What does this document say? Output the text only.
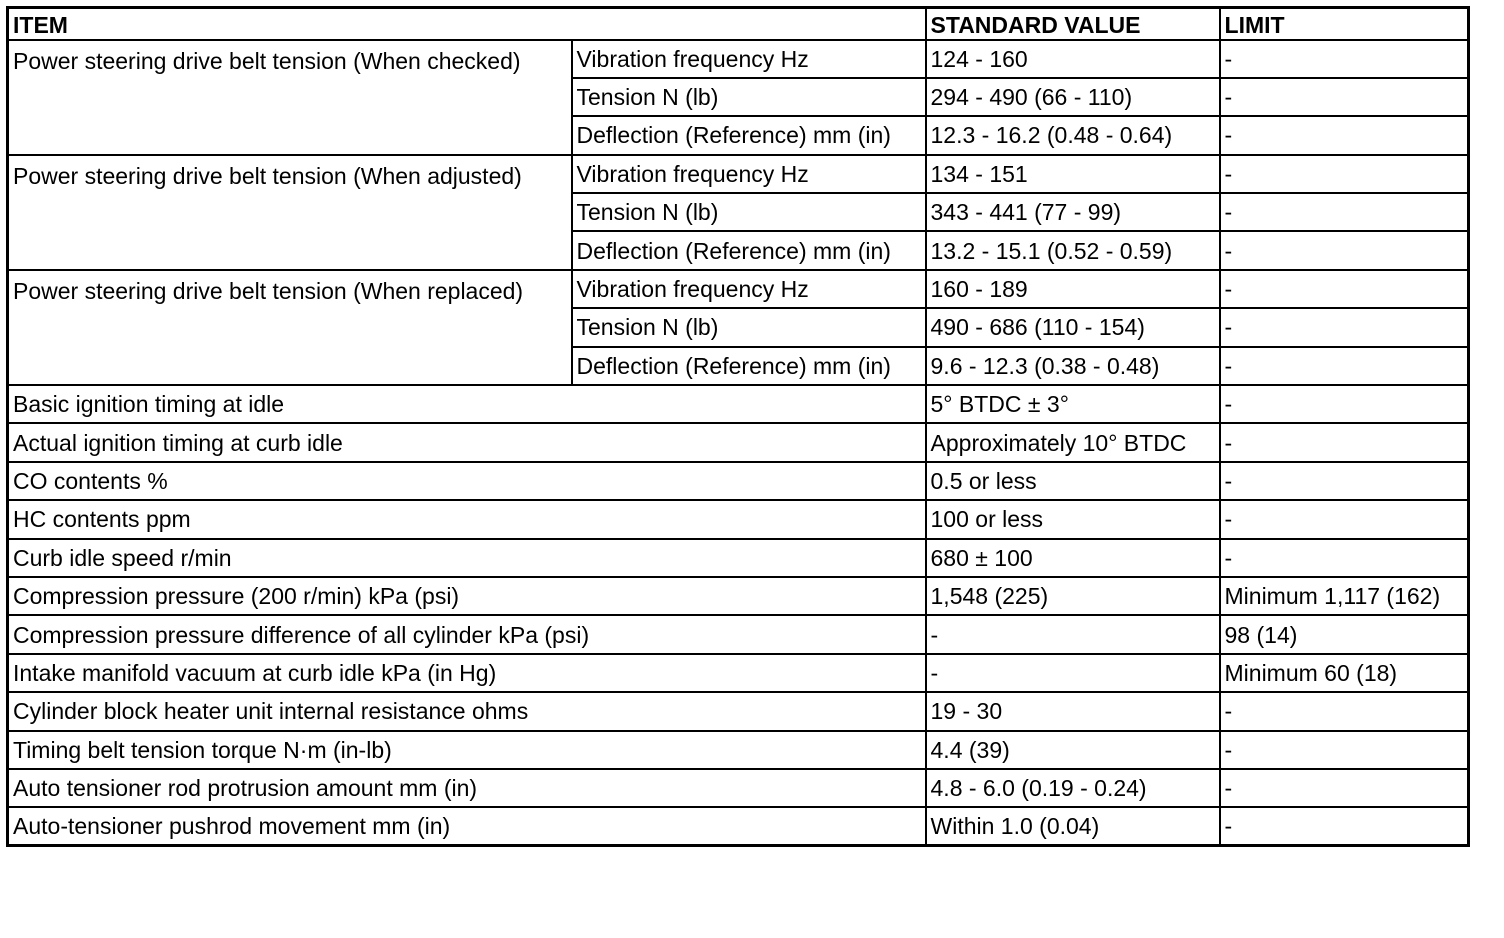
ITEM		STANDARD VALUE	LIMIT
Power steering drive belt tension (When checked)	Vibration frequency Hz	124 - 160	-
	Tension N (lb)	294 - 490 (66 - 110)	-
	Deflection (Reference) mm (in)	12.3 - 16.2 (0.48 - 0.64)	-
Power steering drive belt tension (When adjusted)	Vibration frequency Hz	134 - 151	-
	Tension N (lb)	343 - 441 (77 - 99)	-
	Deflection (Reference) mm (in)	13.2 - 15.1 (0.52 - 0.59)	-
Power steering drive belt tension (When replaced)	Vibration frequency Hz	160 - 189	-
	Tension N (lb)	490 - 686 (110 - 154)	-
	Deflection (Reference) mm (in)	9.6 - 12.3 (0.38 - 0.48)	-
Basic ignition timing at idle		5° BTDC ± 3°	-
Actual ignition timing at curb idle		Approximately 10° BTDC	-
CO contents %		0.5 or less	-
HC contents ppm		100 or less	-
Curb idle speed r/min		680 ± 100	-
Compression pressure (200 r/min) kPa (psi)		1,548 (225)	Minimum 1,117 (162)
Compression pressure difference of all cylinder kPa (psi)		-	98 (14)
Intake manifold vacuum at curb idle kPa (in Hg)		-	Minimum 60 (18)
Cylinder block heater unit internal resistance ohms		19 - 30	-
Timing belt tension torque N·m (in-lb)		4.4 (39)	-
Auto tensioner rod protrusion amount mm (in)		4.8 - 6.0 (0.19 - 0.24)	-
Auto-tensioner pushrod movement mm (in)		Within 1.0 (0.04)	-
